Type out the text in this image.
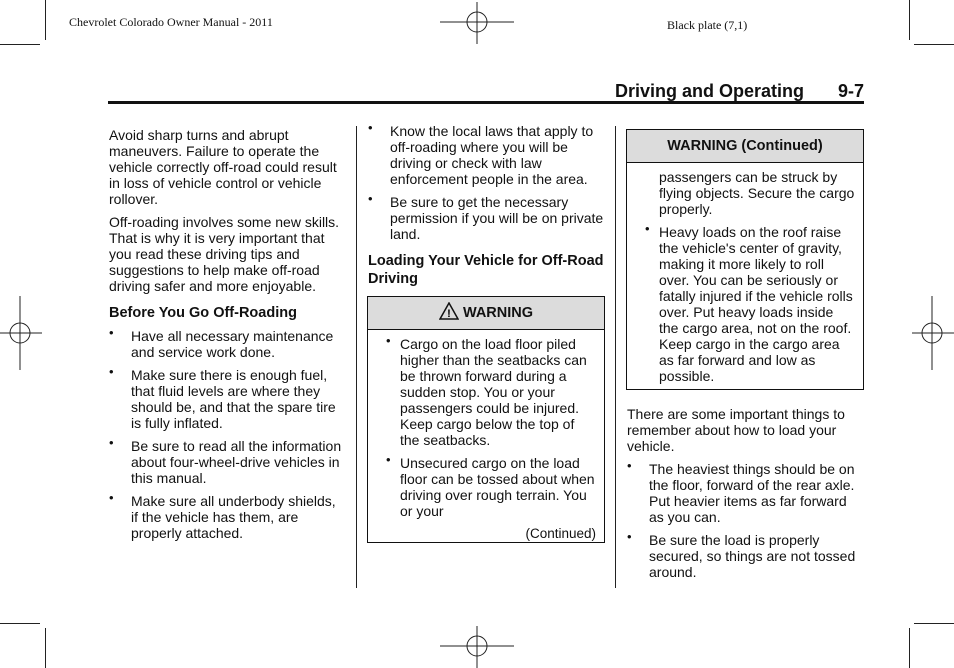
Chevrolet Colorado Owner Manual - 2011	Black plate (7,1)
Driving and Operating 9-7

Avoid sharp turns and abrupt maneuvers. Failure to operate the vehicle correctly off-road could result in loss of vehicle control or vehicle rollover.

Off-roading involves some new skills. That is why it is very important that you read these driving tips and suggestions to help make off-road driving safer and more enjoyable.

Before You Go Off-Roading
• Have all necessary maintenance and service work done.
• Make sure there is enough fuel, that fluid levels are where they should be, and that the spare tire is fully inflated.
• Be sure to read all the information about four-wheel-drive vehicles in this manual.
• Make sure all underbody shields, if the vehicle has them, are properly attached.
• Know the local laws that apply to off-roading where you will be driving or check with law enforcement people in the area.
• Be sure to get the necessary permission if you will be on private land.
Loading Your Vehicle for Off-Road Driving
! WARNING
• Cargo on the load floor piled higher than the seatbacks can be thrown forward during a sudden stop. You or your passengers could be injured. Keep cargo below the top of the seatbacks.
• Unsecured cargo on the load floor can be tossed about when driving over rough terrain. You or your
(Continued)
WARNING (Continued)
passengers can be struck by flying objects. Secure the cargo properly.
• Heavy loads on the roof raise the vehicle's center of gravity, making it more likely to roll over. You can be seriously or fatally injured if the vehicle rolls over. Put heavy loads inside the cargo area, not on the roof. Keep cargo in the cargo area as far forward and low as possible.

There are some important things to remember about how to load your vehicle.

• The heaviest things should be on the floor, forward of the rear axle. Put heavier items as far forward as you can.
• Be sure the load is properly secured, so things are not tossed around.
